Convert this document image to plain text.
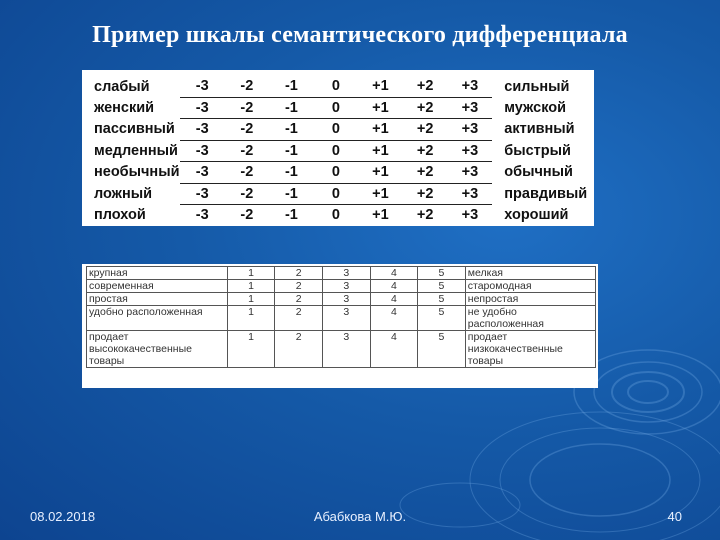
Пример шкалы семантического дифференциала
слабый	-3	-2	-1	0	+1	+2	+3	сильный
женский	-3	-2	-1	0	+1	+2	+3	мужской
пассивный	-3	-2	-1	0	+1	+2	+3	активный
медленный	-3	-2	-1	0	+1	+2	+3	быстрый
необычный	-3	-2	-1	0	+1	+2	+3	обычный
ложный	-3	-2	-1	0	+1	+2	+3	правдивый
плохой	-3	-2	-1	0	+1	+2	+3	хороший
крупная	1	2	3	4	5	мелкая
современная	1	2	3	4	5	старомодная
простая	1	2	3	4	5	непростая
удобно расположенная	1	2	3	4	5	не удобно расположенная
продает высококачественные товары	1	2	3	4	5	продает низкокачественные товары
08.02.2018	Абабкова М.Ю.	40
